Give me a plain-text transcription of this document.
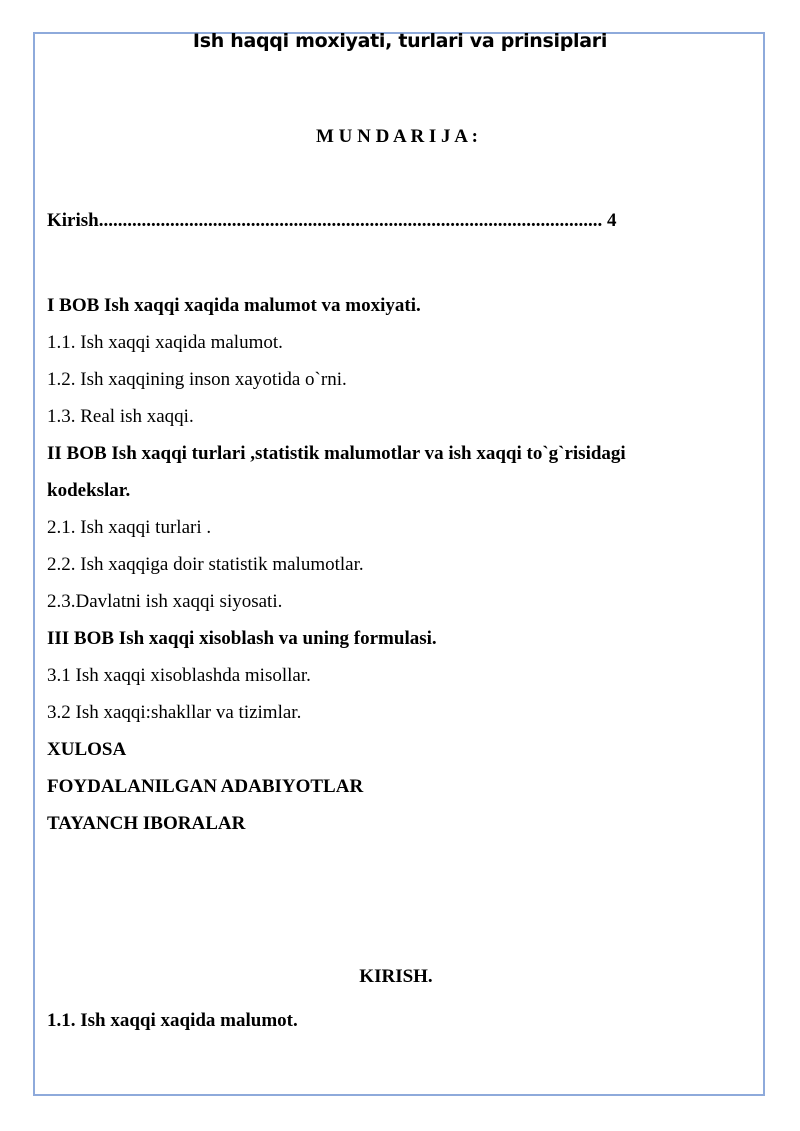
Ish haqqi moxiyati, turlari va prinsiplari
M U N D A R I J A :
Kirish.......................................................................................................... 4
I BOB Ish xaqqi xaqida malumot va moxiyati.
1.1. Ish xaqqi xaqida malumot.
1.2. Ish xaqqining inson xayotida o`rni.
1.3. Real ish xaqqi.
II BOB Ish xaqqi turlari ,statistik malumotlar va ish xaqqi to`g`risidagi
kodekslar.
2.1. Ish xaqqi turlari .
2.2. Ish xaqqiga doir statistik malumotlar.
2.3.Davlatni ish xaqqi siyosati.
III BOB Ish xaqqi xisoblash va uning formulasi.
3.1 Ish xaqqi xisoblashda misollar.
3.2 Ish xaqqi:shakllar va tizimlar.
XULOSA
FOYDALANILGAN ADABIYOTLAR
TAYANCH IBORALAR
KIRISH.
1.1. Ish xaqqi xaqida malumot.
